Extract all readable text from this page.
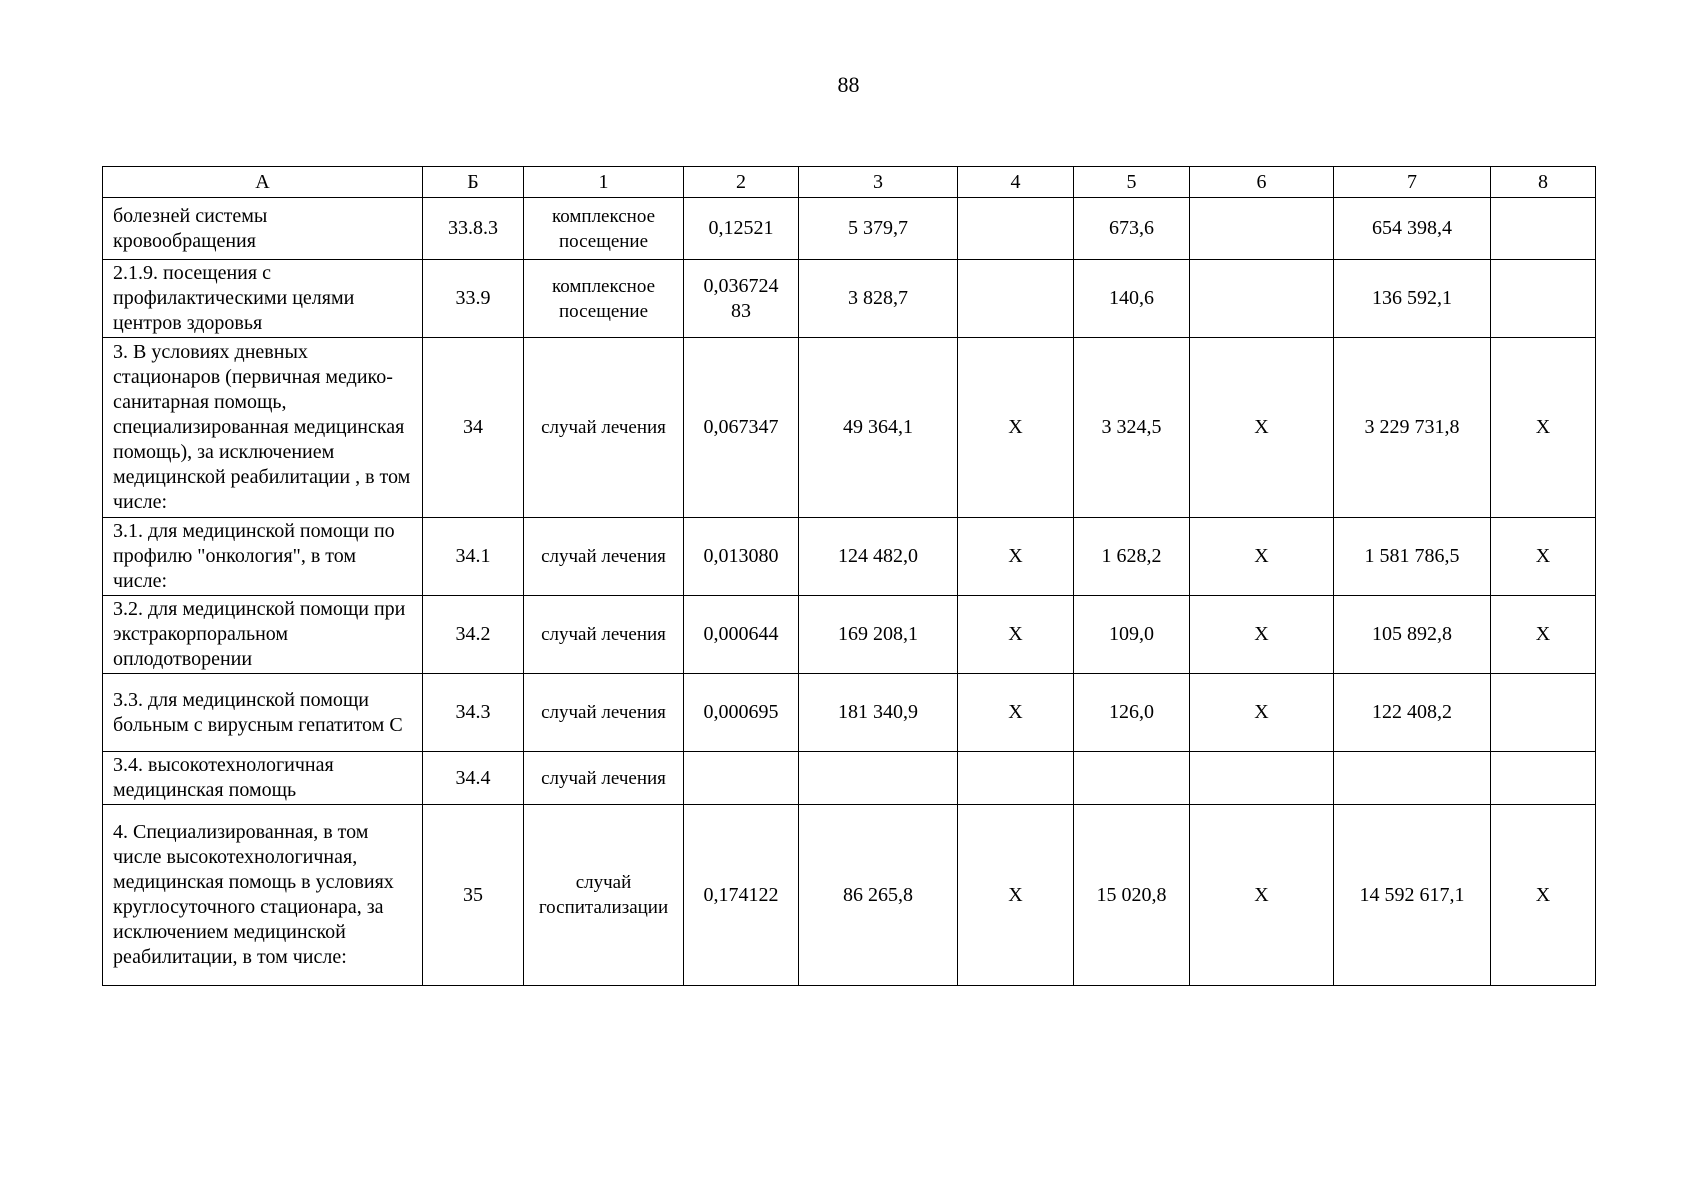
88
А	Б	1	2	3	4	5	6	7	8
болезней системы кровообращения	33.8.3	комплексное посещение	0,12521	5 379,7		673,6		654 398,4	
2.1.9. посещения с профилактическими целями центров здоровья	33.9	комплексное посещение	0,036724 83	3 828,7		140,6		136 592,1	
3. В условиях дневных стационаров (первичная медико-санитарная помощь, специализированная медицинская помощь), за исключением медицинской реабилитации , в том числе:	34	случай лечения	0,067347	49 364,1	Х	3 324,5	Х	3 229 731,8	Х
3.1. для медицинской помощи по профилю "онкология", в том числе:	34.1	случай лечения	0,013080	124 482,0	Х	1 628,2	Х	1 581 786,5	Х
3.2. для медицинской помощи при экстракорпоральном оплодотворении	34.2	случай лечения	0,000644	169 208,1	Х	109,0	Х	105 892,8	Х
3.3. для медицинской помощи больным с вирусным гепатитом С	34.3	случай лечения	0,000695	181 340,9	Х	126,0	Х	122 408,2	
3.4. высокотехнологичная медицинская помощь	34.4	случай лечения							
4. Специализированная, в том числе высокотехнологичная, медицинская помощь в условиях круглосуточного стационара, за исключением медицинской реабилитации, в том числе:	35	случай госпитализации	0,174122	86 265,8	Х	15 020,8	Х	14 592 617,1	Х
